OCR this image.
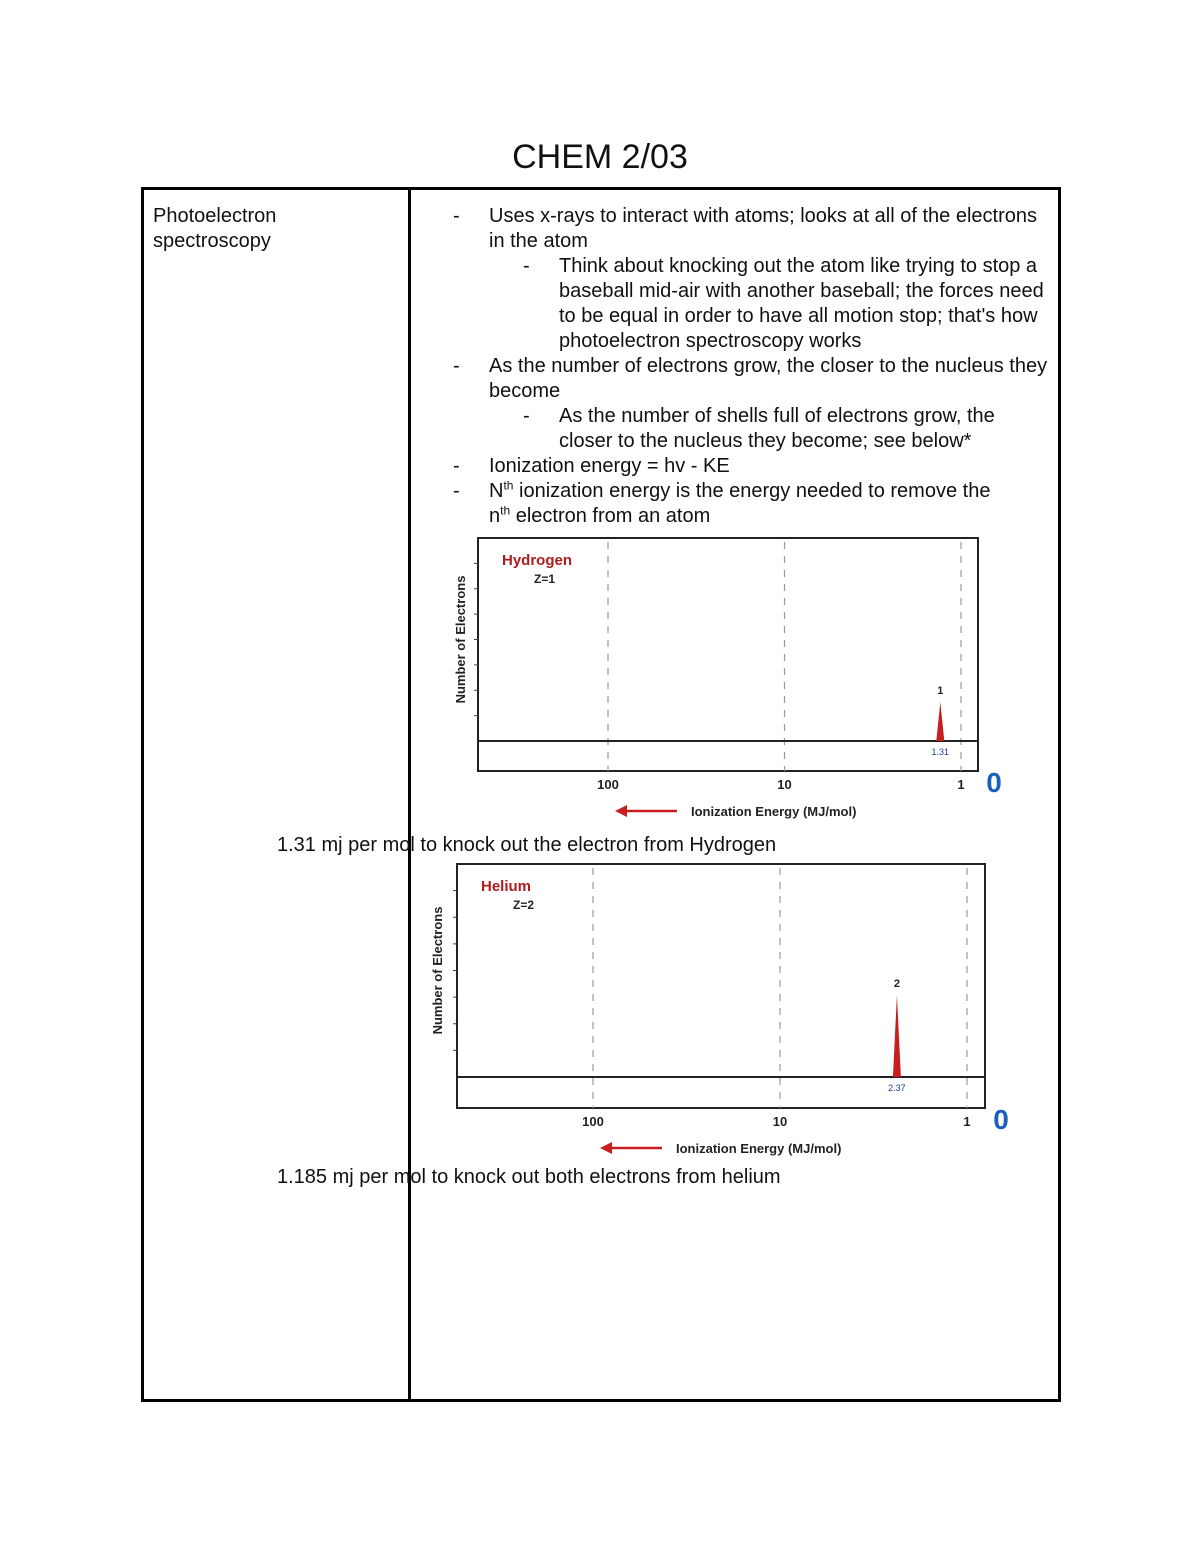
CHEM 2/03
Photoelectron spectroscopy
- Uses x-rays to interact with atoms; looks at all of the electrons in the atom
- Think about knocking out the atom like trying to stop a baseball mid-air with another baseball; the forces need to be equal in order to have all motion stop; that's how photoelectron spectroscopy works
- As the number of electrons grow, the closer to the nucleus they become
- As the number of shells full of electrons grow, the closer to the nucleus they become; see below*
- Ionization energy = hv - KE
- $N^{th}$ ionization energy is the energy needed to remove the
$n^{th}$ electron from an atom
Hydrogen
Z=1
Number of Electrons
100	10	1 0
Ionization Energy (MJ/mol)
1
1.31
1.31 mj per mol to knock out the electron from Hydrogen
Helium
Z=2
Number of Electrons
100	10	1 0
Ionization Energy (MJ/mol)
2
2.37
1.185 mj per mol to knock out both electrons from helium
